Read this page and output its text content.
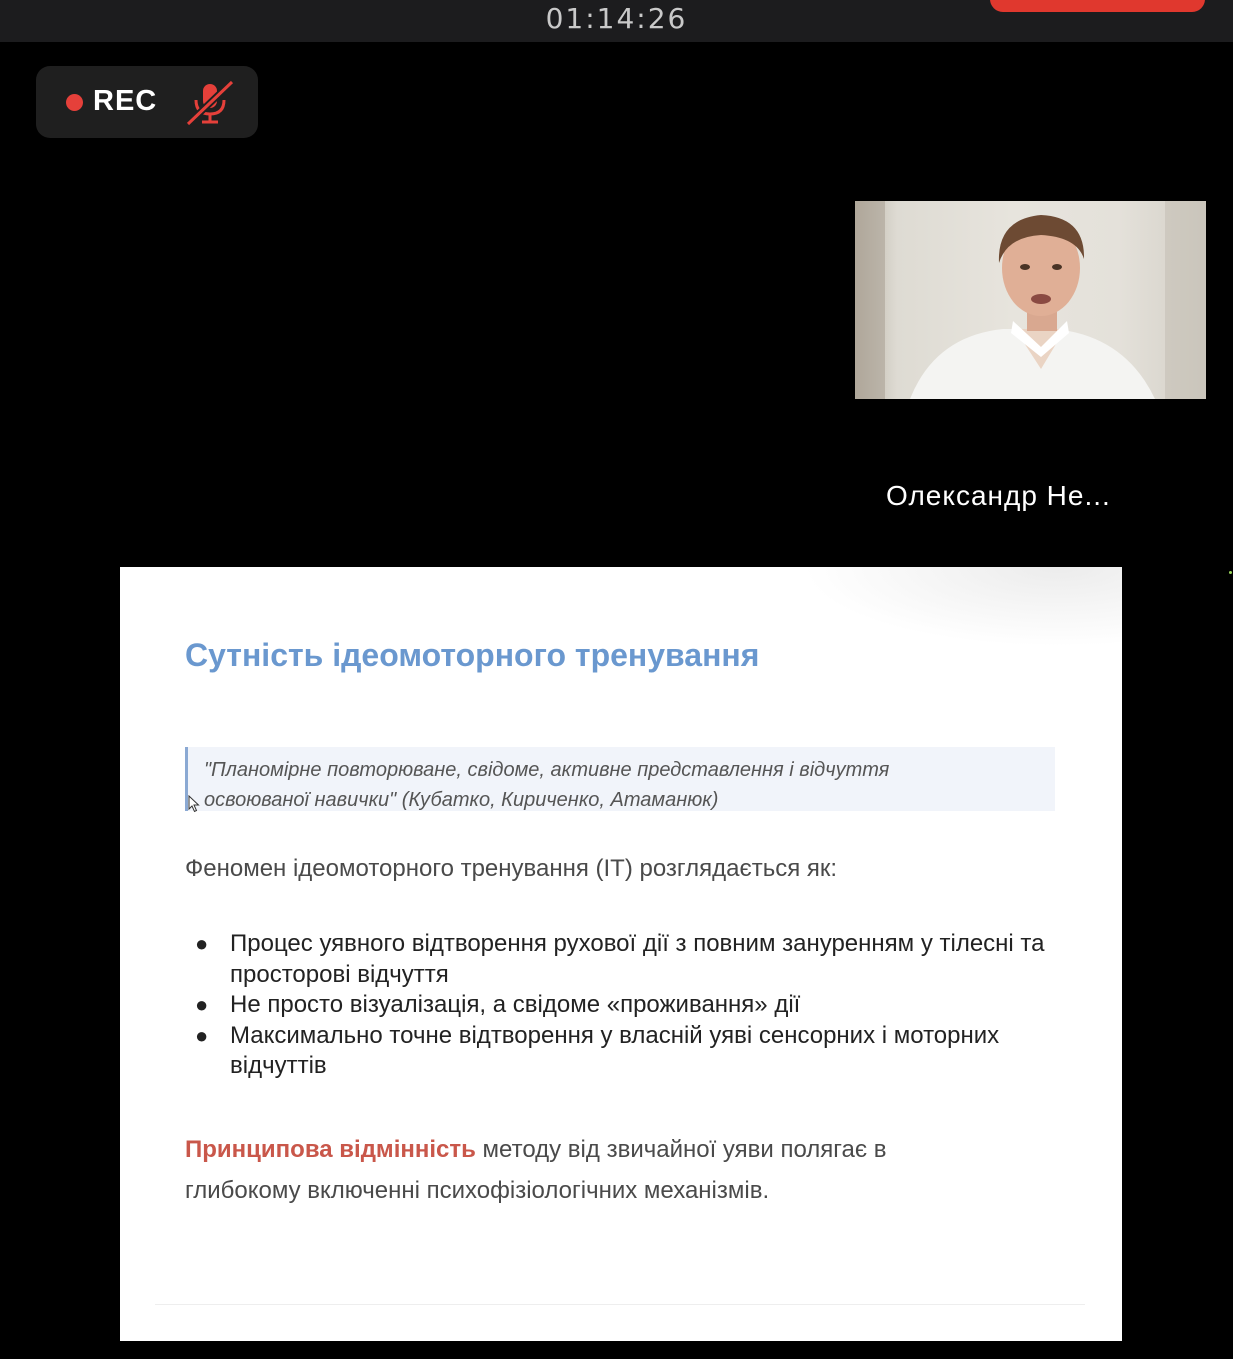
01:14:26
REC
Олександр Не...
Сутність ідеомоторного тренування
"Планомірне повторюване, свідоме, активне представлення і відчуття
освоюваної навички" (Кубатко, Кириченко, Атаманюк)
Феномен ідеомоторного тренування (ІТ) розглядається як:
● Процес уявного відтворення рухової дії з повним зануренням у тілесні та просторові відчуття
● Не просто візуалізація, а свідоме «проживання» дії
● Максимально точне відтворення у власній уяві сенсорних і моторних відчуттів
Принципова відмінність методу від звичайної уяви полягає в глибокому включенні психофізіологічних механізмів.
